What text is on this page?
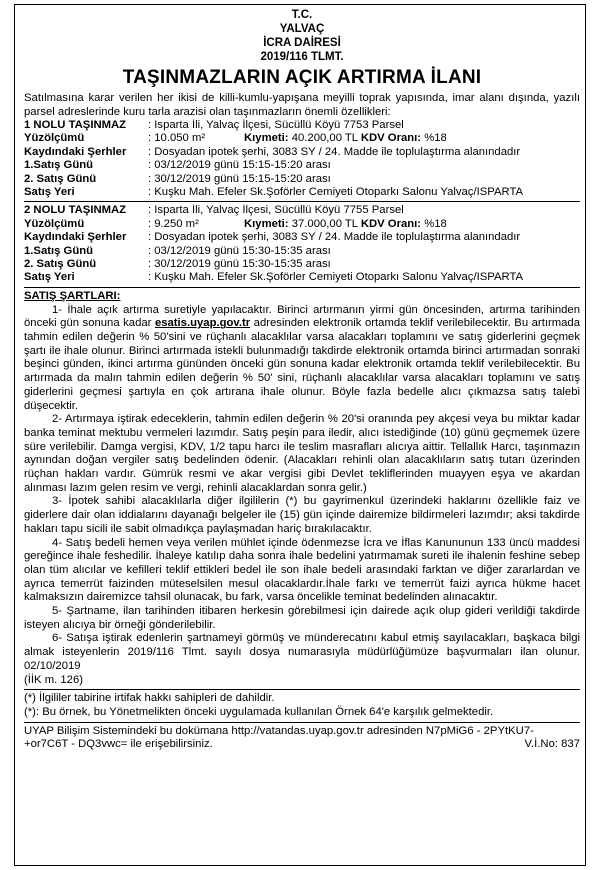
T.C.
YALVAÇ
İCRA DAİRESİ
2019/116 TLMT.
TAŞINMAZLARIN AÇIK ARTIRMA İLANI
Satılmasına karar verilen her ikisi de killi-kumlu-yapışana meyilli toprak yapısında, imar alanı dışında, yazılı parsel adreslerinde kuru tarla arazisi olan taşınmazların önemli özellikleri:
1 NOLU TAŞINMAZ	: Isparta İli, Yalvaç İlçesi, Sücüllü Köyü 7753 Parsel
Yüzölçümü	: 10.050 m²	Kıymeti: 40.200,00 TL KDV Oranı: %18
Kaydındaki Şerhler	: Dosyadan ipotek şerhi, 3083 SY / 24. Madde ile toplulaştırma alanındadır
1.Satış Günü	: 03/12/2019 günü 15:15-15:20 arası
2. Satış Günü	: 30/12/2019 günü 15:15-15:20 arası
Satış Yeri	: Kuşku Mah. Efeler Sk.Şoförler Cemiyeti Otoparkı Salonu Yalvaç/ISPARTA
2 NOLU TAŞINMAZ	: Isparta İli, Yalvaç İlçesi, Sücüllü Köyü 7755 Parsel
Yüzölçümü	: 9.250 m²	Kıymeti: 37.000,00 TL KDV Oranı: %18
Kaydındaki Şerhler	: Dosyadan ipotek şerhi, 3083 SY / 24. Madde ile toplulaştırma alanındadır
1.Satış Günü	: 03/12/2019 günü 15:30-15:35 arası
2. Satış Günü	: 30/12/2019 günü 15:30-15:35 arası
Satış Yeri	: Kuşku Mah. Efeler Sk.Şoförler Cemiyeti Otoparkı Salonu Yalvaç/ISPARTA
SATIŞ ŞARTLARI:
1- İhale açık artırma suretiyle yapılacaktır. Birinci artırmanın yirmi gün öncesinden, artırma tarihinden önceki gün sonuna kadar esatis.uyap.gov.tr adresinden elektronik ortamda teklif verilebilecektir. Bu artırmada tahmin edilen değerin % 50'sini ve rüçhanlı alacaklılar varsa alacakları toplamını ve satış giderlerini geçmek şartı ile ihale olunur. Birinci artırmada istekli bulunmadığı takdirde elektronik ortamda birinci artırmadan sonraki beşinci günden, ikinci artırma gününden önceki gün sonuna kadar elektronik ortamda teklif verilebilecektir. Bu artırmada da malın tahmin edilen değerin % 50' sini, rüçhanlı alacaklılar varsa alacakları toplamını ve satış giderlerini geçmesi şartıyla en çok artırana ihale olunur. Böyle fazla bedelle alıcı çıkmazsa satış talebi düşecektir.
2- Artırmaya iştirak edeceklerin, tahmin edilen değerin % 20'si oranında pey akçesi veya bu miktar kadar banka teminat mektubu vermeleri lazımdır. Satış peşin para iledir, alıcı istediğinde (10) günü geçmemek üzere süre verilebilir. Damga vergisi, KDV, 1/2 tapu harcı ile teslim masrafları alıcıya aittir. Tellallık Harcı, taşınmazın aynından doğan vergiler satış bedelinden ödenir. (Alacakları rehinli olan alacaklıların satış tutarı üzerinden rüçhan hakları vardır. Gümrük resmi ve akar vergisi gibi Devlet tekliflerinden muayyen eşya ve akardan alınması lazım gelen resim ve vergi, rehinli alacaklardan sonra gelir.)
3- İpotek sahibi alacaklılarla diğer ilgililerin (*) bu gayrimenkul üzerindeki haklarını özellikle faiz ve giderlere dair olan iddialarını dayanağı belgeler ile (15) gün içinde dairemize bildirmeleri lazımdır; aksi takdirde hakları tapu sicili ile sabit olmadıkça paylaşmadan hariç bırakılacaktır.
4- Satış bedeli hemen veya verilen mühlet içinde ödenmezse İcra ve İflas Kanununun 133 üncü maddesi gereğince ihale feshedilir. İhaleye katılıp daha sonra ihale bedelini yatırmamak sureti ile ihalenin feshine sebep olan tüm alıcılar ve kefilleri teklif ettikleri bedel ile son ihale bedeli arasındaki farktan ve diğer zararlardan ve ayrıca temerrüt faizinden müteselsilen mesul olacaklardır.İhale farkı ve temerrüt faizi ayrıca hükme hacet kalmaksızın dairemizce tahsil olunacak, bu fark, varsa öncelikle teminat bedelinden alınacaktır.
5- Şartname, ilan tarihinden itibaren herkesin görebilmesi için dairede açık olup gideri verildiği takdirde isteyen alıcıya bir örneği gönderilebilir.
6- Satışa iştirak edenlerin şartnameyi görmüş ve münderecatını kabul etmiş sayılacakları, başkaca bilgi almak isteyenlerin 2019/116 Tlmt. sayılı dosya numarasıyla müdürlüğümüze başvurmaları ilan olunur. 02/10/2019
(İİK m. 126)
(*) İlgililer tabirine irtifak hakkı sahipleri de dahildir.
(*): Bu örnek, bu Yönetmelikten önceki uygulamada kullanılan Örnek 64'e karşılık gelmektedir.
UYAP Bilişim Sistemindeki bu dokümana http://vatandas.uyap.gov.tr adresinden N7pMiG6 - 2PYtKU7-
+or7C6T - DQ3vwc= ile erişebilirsiniz.	V.İ.No: 837
